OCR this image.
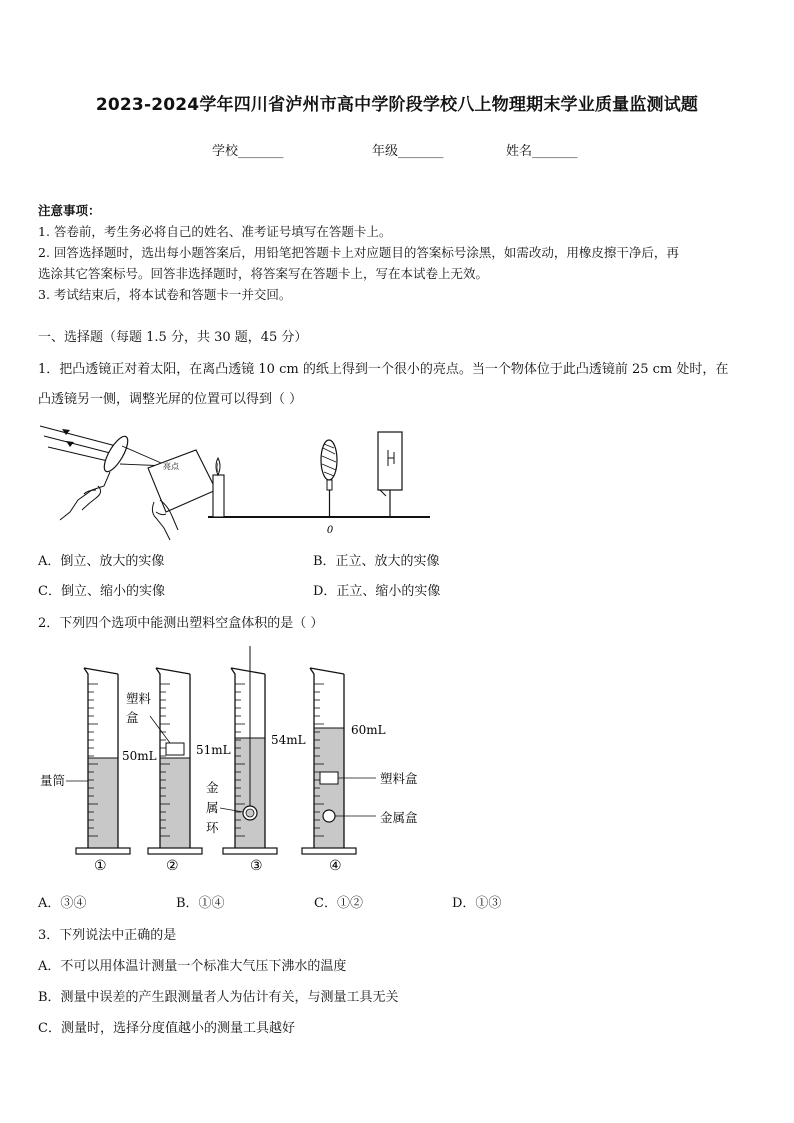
2023-2024学年四川省泸州市高中学阶段学校八上物理期末学业质量监测试题
学校_______	年级_______	姓名_______
注意事项：
1. 答卷前，考生务必将自己的姓名、准考证号填写在答题卡上。
2. 回答选择题时，选出每小题答案后，用铅笔把答题卡上对应题目的答案标号涂黑，如需改动，用橡皮擦干净后，再
选涂其它答案标号。回答非选择题时，将答案写在答题卡上，写在本试卷上无效。
3. 考试结束后，将本试卷和答题卡一并交回。
一、选择题（每题 1.5 分，共 30 题，45 分）
1．把凸透镜正对着太阳，在离凸透镜 10 cm 的纸上得到一个很小的亮点。当一个物体位于此凸透镜前 25 cm 处时，在
凸透镜另一侧，调整光屏的位置可以得到（ ）
亮点
0
A．倒立、放大的实像	B．正立、放大的实像
C．倒立、缩小的实像	D．正立、缩小的实像
2．下列四个选项中能测出塑料空盒体积的是（ ）
量筒
①
塑料
盒
50mL	51mL
②
54mL
金
属
环
③
60mL
塑料盒
金属盒
④
A．③④	B．①④	C．①②	D．①③
3．下列说法中正确的是
A．不可以用体温计测量一个标准大气压下沸水的温度
B．测量中误差的产生跟测量者人为估计有关，与测量工具无关
C．测量时，选择分度值越小的测量工具越好
